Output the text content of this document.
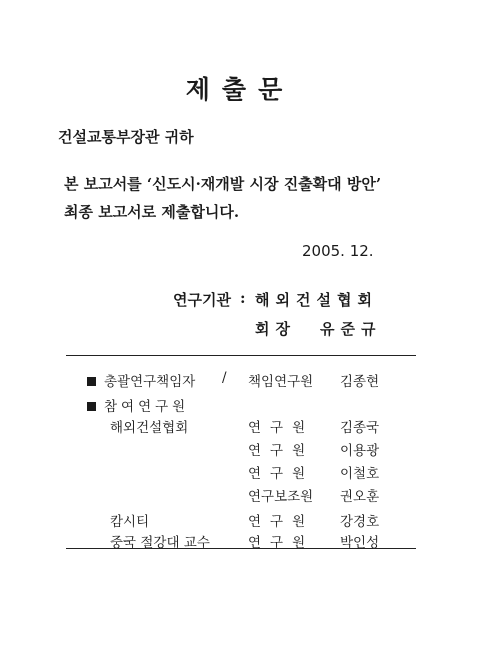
제출문
건설교통부장관 귀하
본 보고서를 ‘신도시·재개발 시장 진출확대 방안’
최종 보고서로 제출합니다.
2005. 12.
연구기관 : 해외건설협회
회장 유준규
총괄연구책임자 / 책임연구원 김종현
참여연구원
해외건설협회	연구원 김종국
연구원 이용광
연구원 이철호
연구보조원 권오훈
캄시티	연구원 강경호
중국 절강대 교수	연구원 박인성
